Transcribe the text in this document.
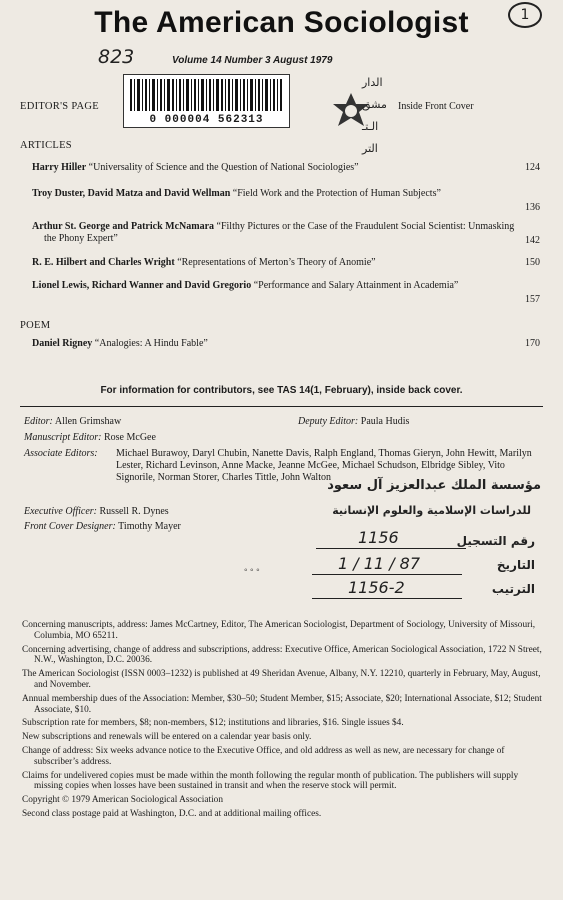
The American Sociologist	1
823	Volume 14 Number 3 August 1979
0 000004 562313
الدار
مشق
الـتـ
التر
EDITOR'S PAGE	Inside Front Cover
ARTICLES
Harry Hiller “Universality of Science and the Question of National Sociologies”	124
Troy Duster, David Matza and David Wellman “Field Work and the Protection of Human Subjects”
136
Arthur St. George and Patrick McNamara “Filthy Pictures or the Case of the Fraudulent Social Scientist: Unmasking the Phony Expert”	142
R. E. Hilbert and Charles Wright “Representations of Merton’s Theory of Anomie”	150
Lionel Lewis, Richard Wanner and David Gregorio “Performance and Salary Attainment in Academia”
157
POEM
Daniel Rigney “Analogies: A Hindu Fable”	170
For information for contributors, see TAS 14(1, February), inside back cover.
Editor: Allen Grimshaw	Deputy Editor: Paula Hudis
Manuscript Editor: Rose McGee
Associate Editors: Michael Burawoy, Daryl Chubin, Nanette Davis, Ralph England, Thomas Gieryn, John Hewitt, Marilyn Lester, Richard Levinson, Anne Macke, Jeanne McGee, Michael Schudson, Elbridge Sibley, Vito Signorile, Norman Storer, Charles Tittle, John Walton
Executive Officer: Russell R. Dynes
Front Cover Designer: Timothy Mayer
مؤسسة الملك عبدالعزيز آل سعود
للدراسات الإسلامية والعلوم الإنسانية
رقم التسجيل
1156
التاريخ
1 / 11 / 87
الترتيب
1156-2
◦ ◦ ◦

Concerning manuscripts, address: James McCartney, Editor, The American Sociologist, Department of Sociology, University of Missouri, Columbia, MO 65211.

Concerning advertising, change of address and subscriptions, address: Executive Office, American Sociological Association, 1722 N Street, N.W., Washington, D.C. 20036.

The American Sociologist (ISSN 0003–1232) is published at 49 Sheridan Avenue, Albany, N.Y. 12210, quarterly in February, May, August, and November.

Annual membership dues of the Association: Member, $30–50; Student Member, $15; Associate, $20; International Associate, $12; Student Associate, $10.

Subscription rate for members, $8; non-members, $12; institutions and libraries, $16. Single issues $4.

New subscriptions and renewals will be entered on a calendar year basis only.

Change of address: Six weeks advance notice to the Executive Office, and old address as well as new, are necessary for change of subscriber’s address.

Claims for undelivered copies must be made within the month following the regular month of publication. The publishers will supply missing copies when losses have been sustained in transit and when the reserve stock will permit.

Copyright © 1979 American Sociological Association

Second class postage paid at Washington, D.C. and at additional mailing offices.
